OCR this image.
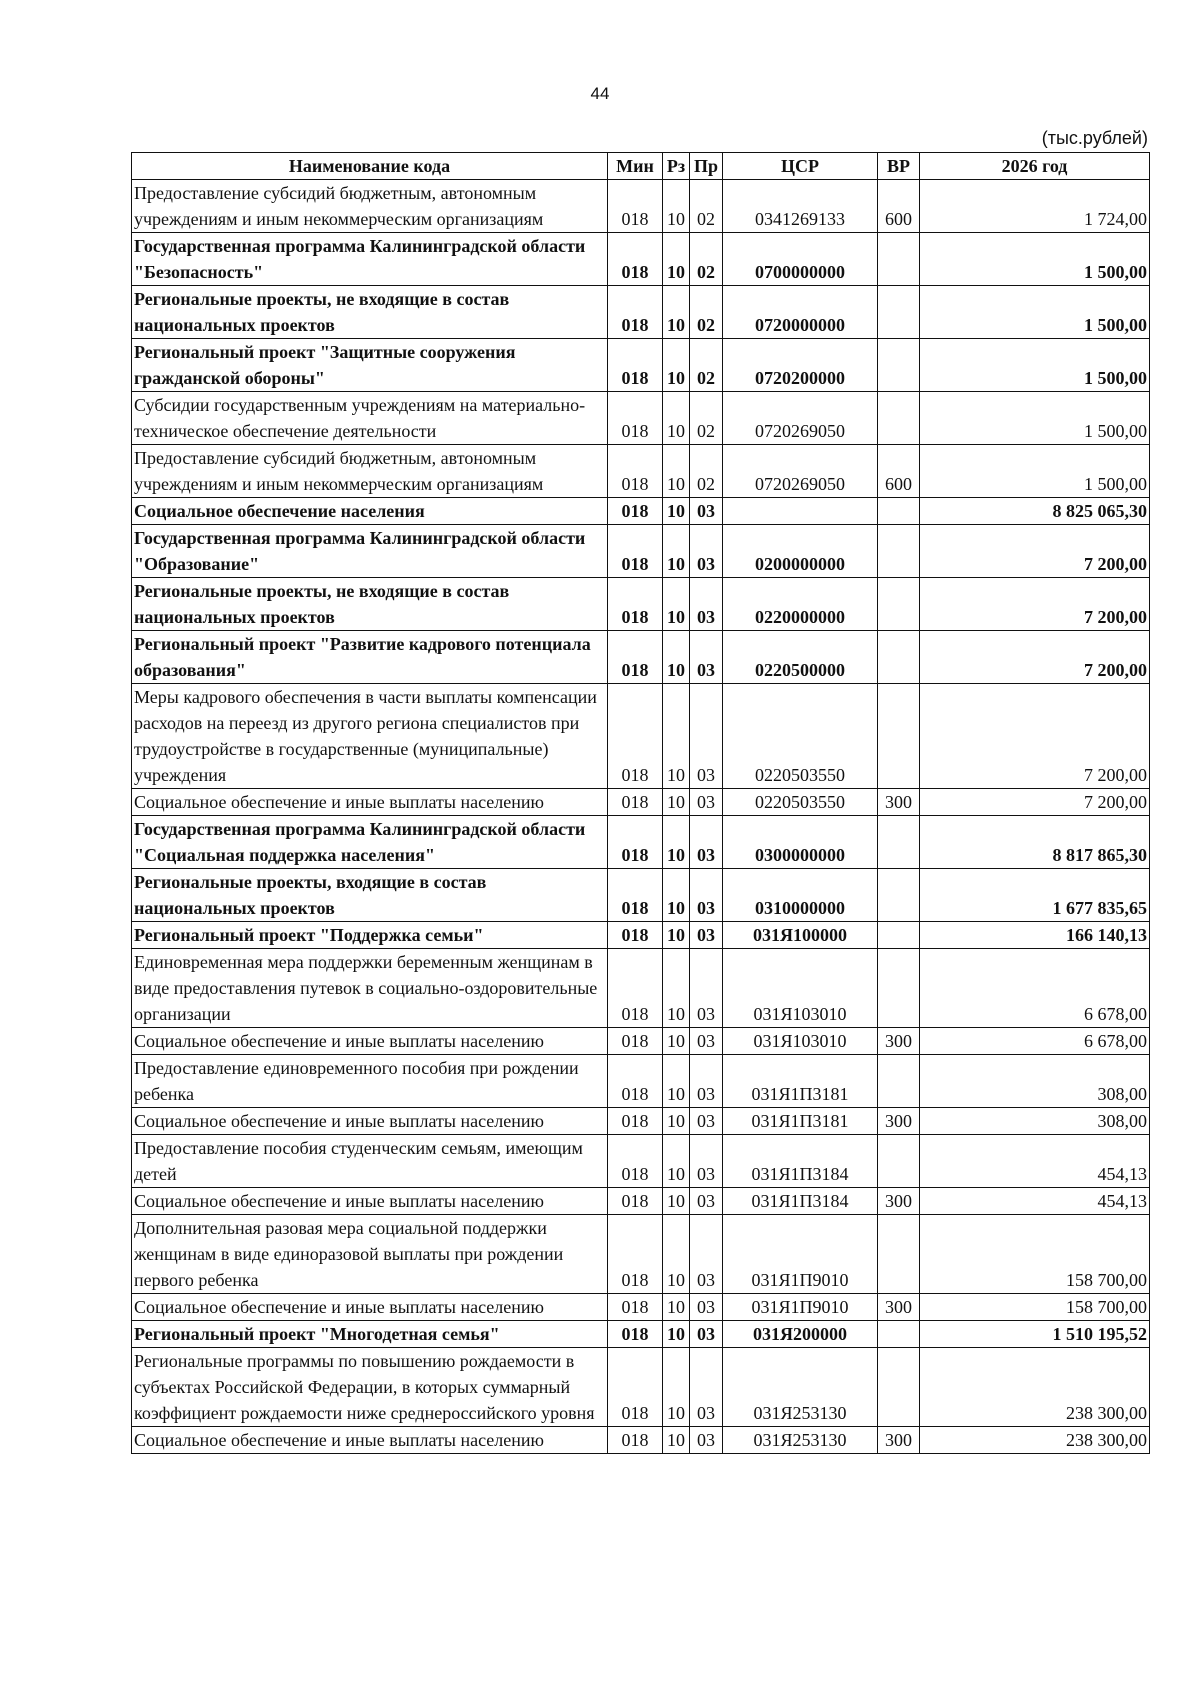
44
(тыс.рублей)
Наименование кода	Мин	Рз	Пр	ЦСР	ВР	2026 год
Предоставление субсидий бюджетным, автономным учреждениям и иным некоммерческим организациям	018	10	02	0341269133	600	1 724,00
Государственная программа Калининградской области "Безопасность"	018	10	02	0700000000		1 500,00
Региональные проекты, не входящие в состав национальных проектов	018	10	02	0720000000		1 500,00
Региональный проект "Защитные сооружения гражданской обороны"	018	10	02	0720200000		1 500,00
Субсидии государственным учреждениям на материально-техническое обеспечение деятельности	018	10	02	0720269050		1 500,00
Предоставление субсидий бюджетным, автономным учреждениям и иным некоммерческим организациям	018	10	02	0720269050	600	1 500,00
Социальное обеспечение населения	018	10	03			8 825 065,30
Государственная программа Калининградской области "Образование"	018	10	03	0200000000		7 200,00
Региональные проекты, не входящие в состав национальных проектов	018	10	03	0220000000		7 200,00
Региональный проект "Развитие кадрового потенциала образования"	018	10	03	0220500000		7 200,00
Меры кадрового обеспечения в части выплаты компенсации расходов на переезд из другого региона специалистов при трудоустройстве в государственные (муниципальные) учреждения	018	10	03	0220503550		7 200,00
Социальное обеспечение и иные выплаты населению	018	10	03	0220503550	300	7 200,00
Государственная программа Калининградской области "Социальная поддержка населения"	018	10	03	0300000000		8 817 865,30
Региональные проекты, входящие в состав национальных проектов	018	10	03	0310000000		1 677 835,65
Региональный проект "Поддержка семьи"	018	10	03	031Я100000		166 140,13
Единовременная мера поддержки беременным женщинам в виде предоставления путевок в социально-оздоровительные организации	018	10	03	031Я103010		6 678,00
Социальное обеспечение и иные выплаты населению	018	10	03	031Я103010	300	6 678,00
Предоставление единовременного пособия при рождении ребенка	018	10	03	031Я1П3181		308,00
Социальное обеспечение и иные выплаты населению	018	10	03	031Я1П3181	300	308,00
Предоставление пособия студенческим семьям, имеющим детей	018	10	03	031Я1П3184		454,13
Социальное обеспечение и иные выплаты населению	018	10	03	031Я1П3184	300	454,13
Дополнительная разовая мера социальной поддержки женщинам в виде единоразовой выплаты при рождении первого ребенка	018	10	03	031Я1П9010		158 700,00
Социальное обеспечение и иные выплаты населению	018	10	03	031Я1П9010	300	158 700,00
Региональный проект "Многодетная семья"	018	10	03	031Я200000		1 510 195,52
Региональные программы по повышению рождаемости в субъектах Российской Федерации, в которых суммарный коэффициент рождаемости ниже среднероссийского уровня	018	10	03	031Я253130		238 300,00
Социальное обеспечение и иные выплаты населению	018	10	03	031Я253130	300	238 300,00
